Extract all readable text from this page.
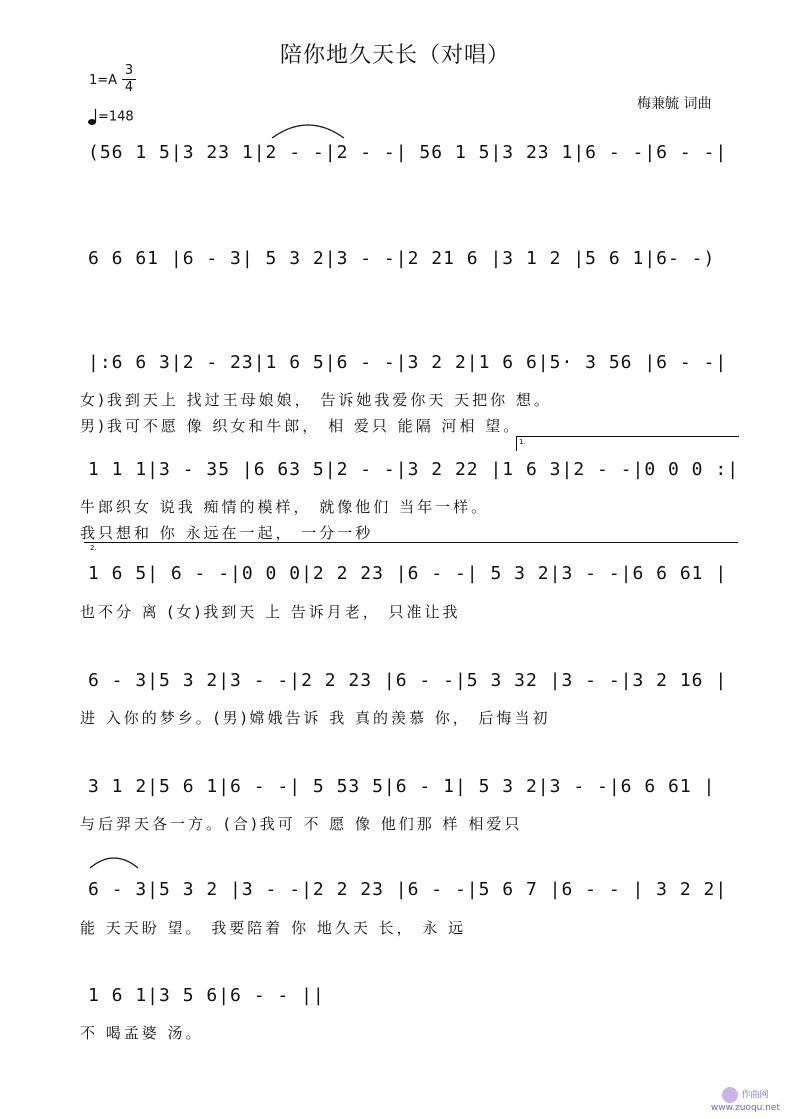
陪你地久天长（对唱）
1=A
3
4
=148
梅兼毓 词曲
(56 1 5|3 23 1|2 - -|2 - -| 56 1 5|3 23 1|6 - -|6 - -|
6 6 61 |6 - 3| 5 3 2|3 - -|2 21 6 |3 1 2 |5 6 1|6- -)
|:6 6 3|2 - 23|1 6 5|6 - -|3 2 2|1 6 6|5· 3 56 |6 - -|
女)我到天上 找过王母娘娘， 告诉她我爱你天 天把你 想。
男)我可不愿 像 织女和牛郎， 相 爱只 能隔 河相 望。
1.
1 1 1|3 - 35 |6 63 5|2 - -|3 2 22 |1 6 3|2 - -|0 0 0 :|
牛郎织女 说我 痴情的模样， 就像他们 当年一样。
我只想和 你 永远在一起， 一分一秒
2.
1 6 5| 6 - -|0 0 0|2 2 23 |6 - -| 5 3 2|3 - -|6 6 61 |
也不分 离 (女)我到天 上 告诉月老， 只准让我
6 - 3|5 3 2|3 - -|2 2 23 |6 - -|5 3 32 |3 - -|3 2 16 |
进 入你的梦乡。(男)嫦娥告诉 我 真的羡慕 你， 后悔当初
3 1 2|5 6 1|6 - -| 5 53 5|6 - 1| 5 3 2|3 - -|6 6 61 |
与后羿天各一方。(合)我可 不 愿 像 他们那 样 相爱只
6 - 3|5 3 2 |3 - -|2 2 23 |6 - -|5 6 7 |6 - - | 3 2 2|
能 天天盼 望。 我要陪着 你 地久天 长， 永 远
1 6 1|3 5 6|6 - - ||
不 喝孟婆 汤。
作曲网
www.zuoqu.net
